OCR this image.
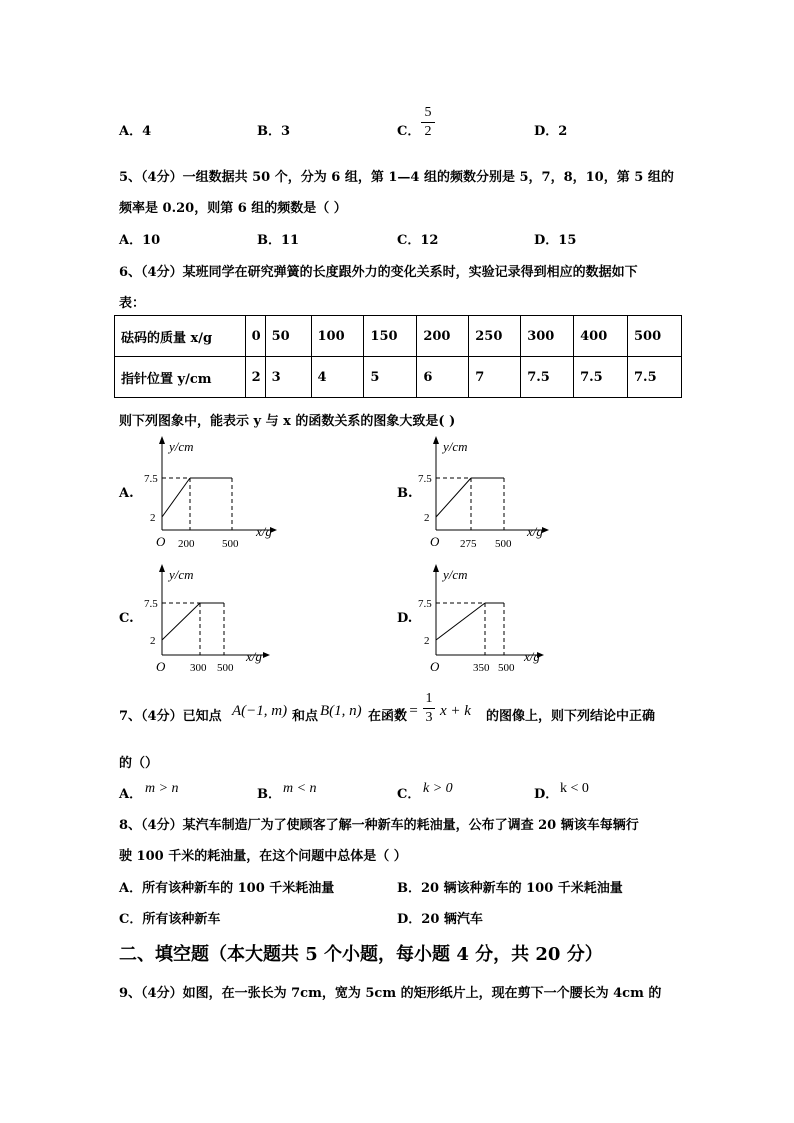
A．4	B．3	C．
5
2	D．2
5、（4分）一组数据共 50 个，分为 6 组，第 1—4 组的频数分别是 5，7，8，10，第 5 组的
频率是 0.20，则第 6 组的频数是（ ）
A．10	B．11	C．12	D．15
6、（4分）某班同学在研究弹簧的长度跟外力的变化关系时，实验记录得到相应的数据如下
表：
砝码的质量 x/g	0	50	100	150	200	250	300	400	500
指针位置 y/cm	2	3	4	5	6	7	7.5	7.5	7.5
则下列图象中，能表示 y 与 x 的函数关系的图象大致是( )
A.	B.
C.	D.
y/cm
x/g
O
7.5
2
200	500
y/cm
x/g
O
7.5
2
275 500
y/cm
x/g
O
7.5
2
300 500
y/cm
x/g
O
7.5
2
350 500
7、（4分）已知点 A(−1, m) 和点 B(1, n) 在函数
y =
1
3 x + k 的图像上，则下列结论中正确
的（）
A． m > n	B． m < n	C． k > 0	D． k < 0
8、（4分）某汽车制造厂为了使顾客了解一种新车的耗油量，公布了调查 20 辆该车每辆行
驶 100 千米的耗油量，在这个问题中总体是（ ）
A．所有该种新车的 100 千米耗油量	B．20 辆该种新车的 100 千米耗油量
C．所有该种新车	D．20 辆汽车
二、填空题（本大题共 5 个小题，每小题 4 分，共 20 分）
9、（4分）如图，在一张长为 7cm，宽为 5cm 的矩形纸片上，现在剪下一个腰长为 4cm 的
